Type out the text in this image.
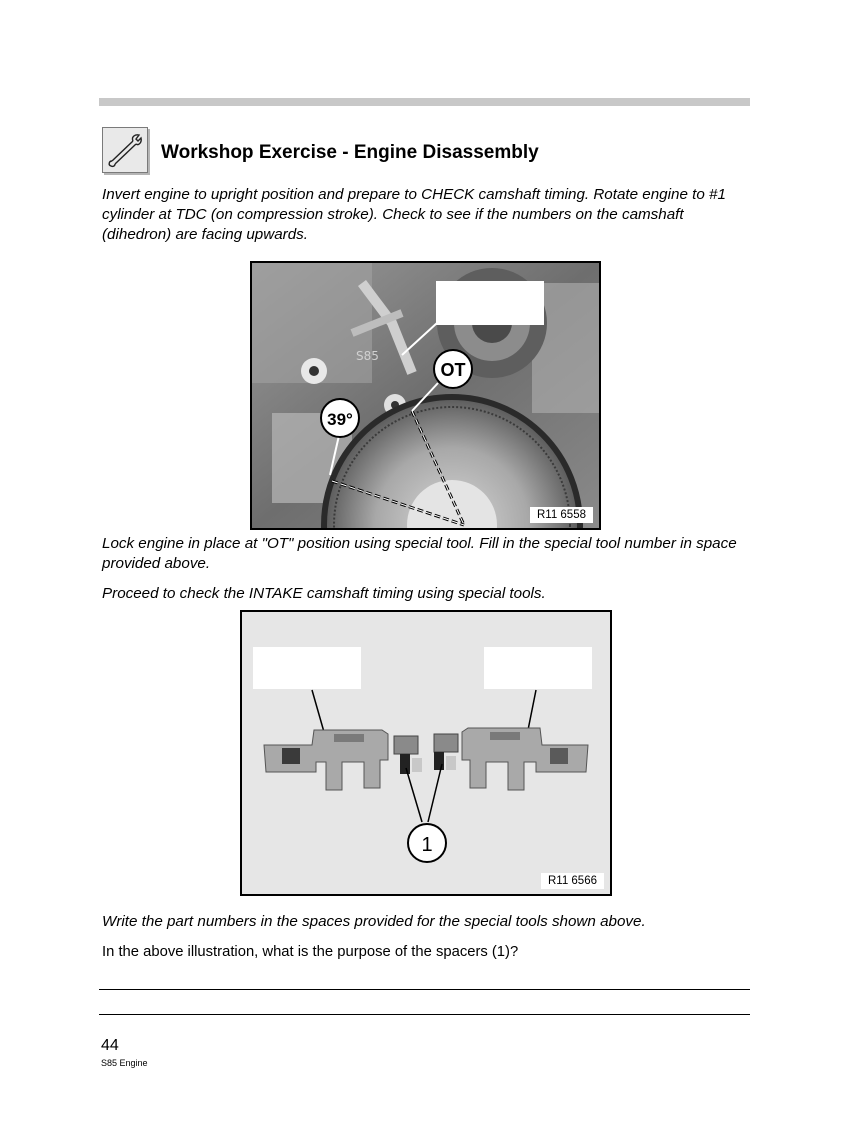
Workshop Exercise - Engine Disassembly
Invert engine to upright position and prepare to CHECK camshaft timing. Rotate engine to #1 cylinder at TDC (on compression stroke). Check to see if the numbers on the camshaft (dihedron) are facing upwards.
S85
OT
39°
R11 6558
Lock engine in place at "OT" position using special tool. Fill in the special tool number in space provided above.
Proceed to check the INTAKE camshaft timing using special tools.
1
R11 6566
Write the part numbers in the spaces provided for the special tools shown above.
In the above illustration, what is the purpose of the spacers (1)?
44
S85 Engine
